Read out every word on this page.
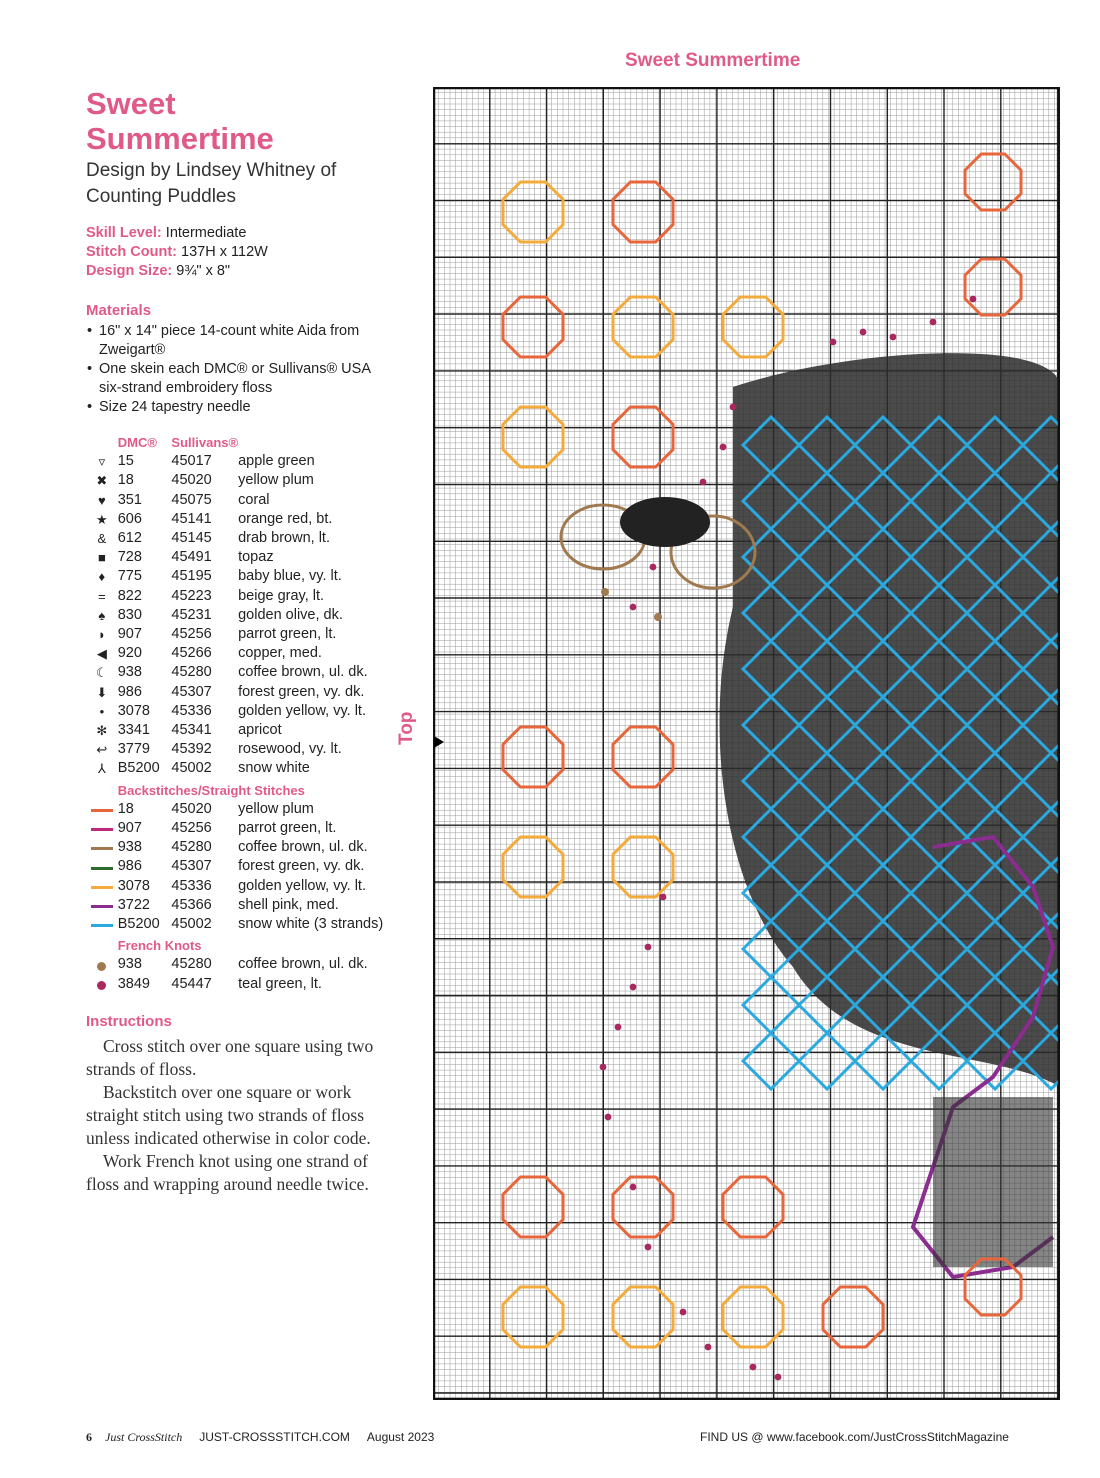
Sweet
Summertime
Design by Lindsey Whitney of Counting Puddles
Skill Level: Intermediate
Stitch Count: 137H x 112W
Design Size: 9¾" x 8"
Materials
• 16" x 14" piece 14-count white Aida from Zweigart®
• One skein each DMC® or Sullivans® USA six-strand embroidery floss
• Size 24 tapestry needle
	DMC®	Sullivans®	
▿	15	45017	apple green
✖	18	45020	yellow plum
♥	351	45075	coral
★	606	45141	orange red, bt.
&	612	45145	drab brown, lt.
■	728	45491	topaz
♦	775	45195	baby blue, vy. lt.
=	822	45223	beige gray, lt.
♠	830	45231	golden olive, dk.
◗	907	45256	parrot green, lt.
◀	920	45266	copper, med.
☾	938	45280	coffee brown, ul. dk.
⬇	986	45307	forest green, vy. dk.
•	3078	45336	golden yellow, vy. lt.
✻	3341	45341	apricot
↩	3779	45392	rosewood, vy. lt.
⅄	B5200	45002	snow white
	Backstitches/Straight Stitches		
	18	45020	yellow plum
	907	45256	parrot green, lt.
	938	45280	coffee brown, ul. dk.
	986	45307	forest green, vy. dk.
	3078	45336	golden yellow, vy. lt.
	3722	45366	shell pink, med.
	B5200	45002	snow white (3 strands)
	French Knots		
	938	45280	coffee brown, ul. dk.
	3849	45447	teal green, lt.
Instructions

Cross stitch over one square using two strands of floss.

Backstitch over one square or work straight stitch using two strands of floss unless indicated otherwise in color code.

Work French knot using one strand of floss and wrapping around needle twice.

Sweet Summertime
Top
6 Just CrossStitch JUST-CROSSSTITCH.COM August 2023	FIND US @ www.facebook.com/JustCrossStitchMagazine
